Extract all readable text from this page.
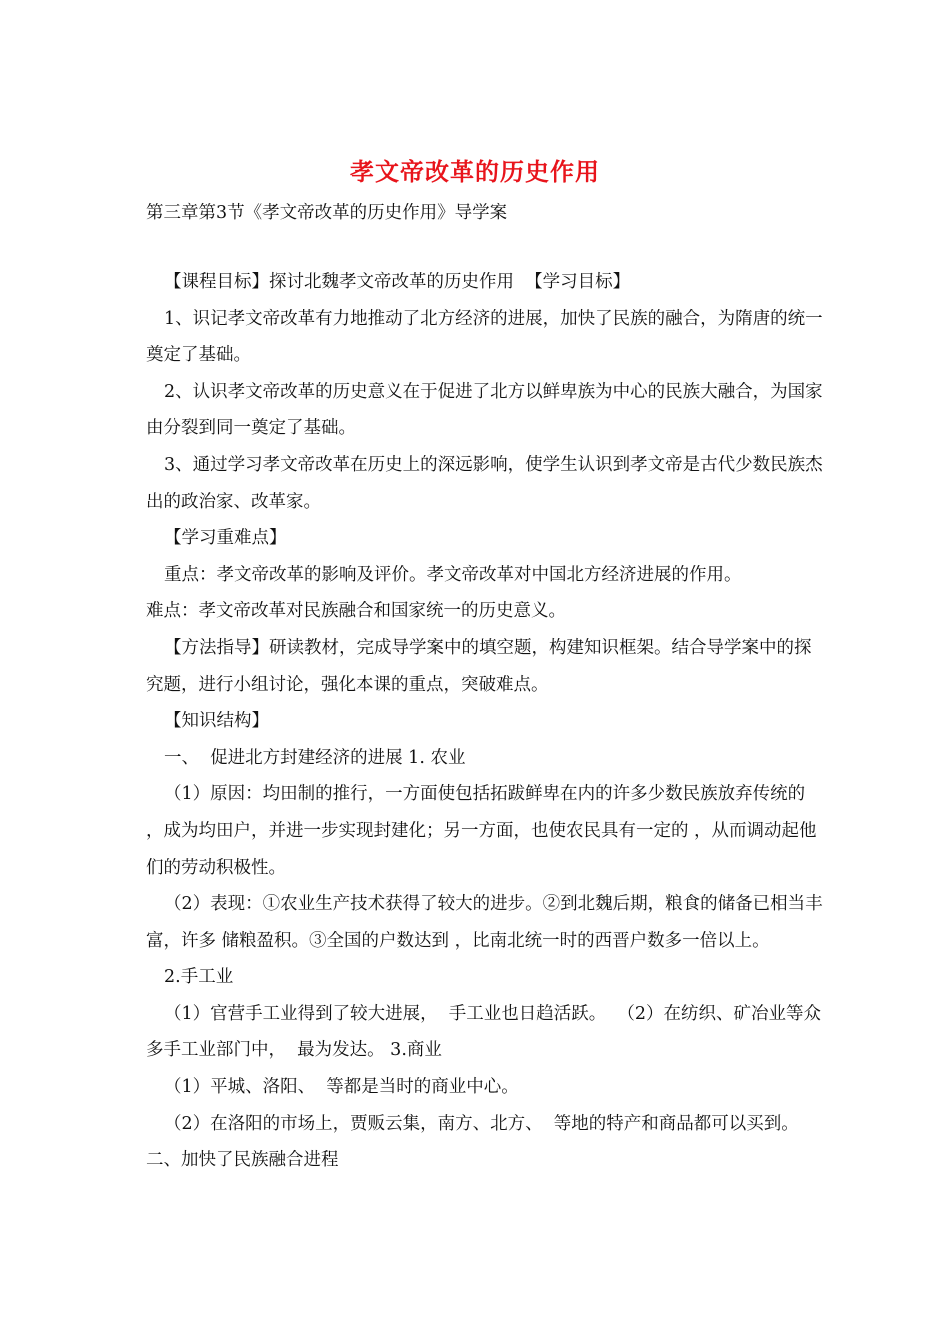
孝文帝改革的历史作用
第三章第3节《孝文帝改革的历史作用》导学案

【课程目标】探讨北魏孝文帝改革的历史作用  【学习目标】

1、识记孝文帝改革有力地推动了北方经济的进展，加快了民族的融合，为隋唐的统一奠定了基础。

2、认识孝文帝改革的历史意义在于促进了北方以鲜卑族为中心的民族大融合，为国家由分裂到同一奠定了基础。

3、通过学习孝文帝改革在历史上的深远影响，使学生认识到孝文帝是古代少数民族杰出的政治家、改革家。

【学习重难点】

重点：孝文帝改革的影响及评价。孝文帝改革对中国北方经济进展的作用。

难点：孝文帝改革对民族融合和国家统一的历史意义。

【方法指导】研读教材，完成导学案中的填空题，构建知识框架。结合导学案中的探究题，进行小组讨论，强化本课的重点，突破难点。

【知识结构】

一、  促进北方封建经济的进展 1. 农业

（1）原因：均田制的推行，一方面使包括拓跋鲜卑在内的许多少数民族放弃传统的 ，成为均田户，并进一步实现封建化；另一方面，也使农民具有一定的 ，从而调动起他们的劳动积极性。

（2）表现：①农业生产技术获得了较大的进步。②到北魏后期，粮食的储备已相当丰富，许多 储粮盈积。③全国的户数达到 ，比南北统一时的西晋户数多一倍以上。

2.手工业

（1）官营手工业得到了较大进展，  手工业也日趋活跃。  （2）在纺织、矿冶业等众多手工业部门中，  最为发达。 3.商业

（1）平城、洛阳、  等都是当时的商业中心。

（2）在洛阳的市场上，贾贩云集，南方、北方、  等地的特产和商品都可以买到。  二、加快了民族融合进程
